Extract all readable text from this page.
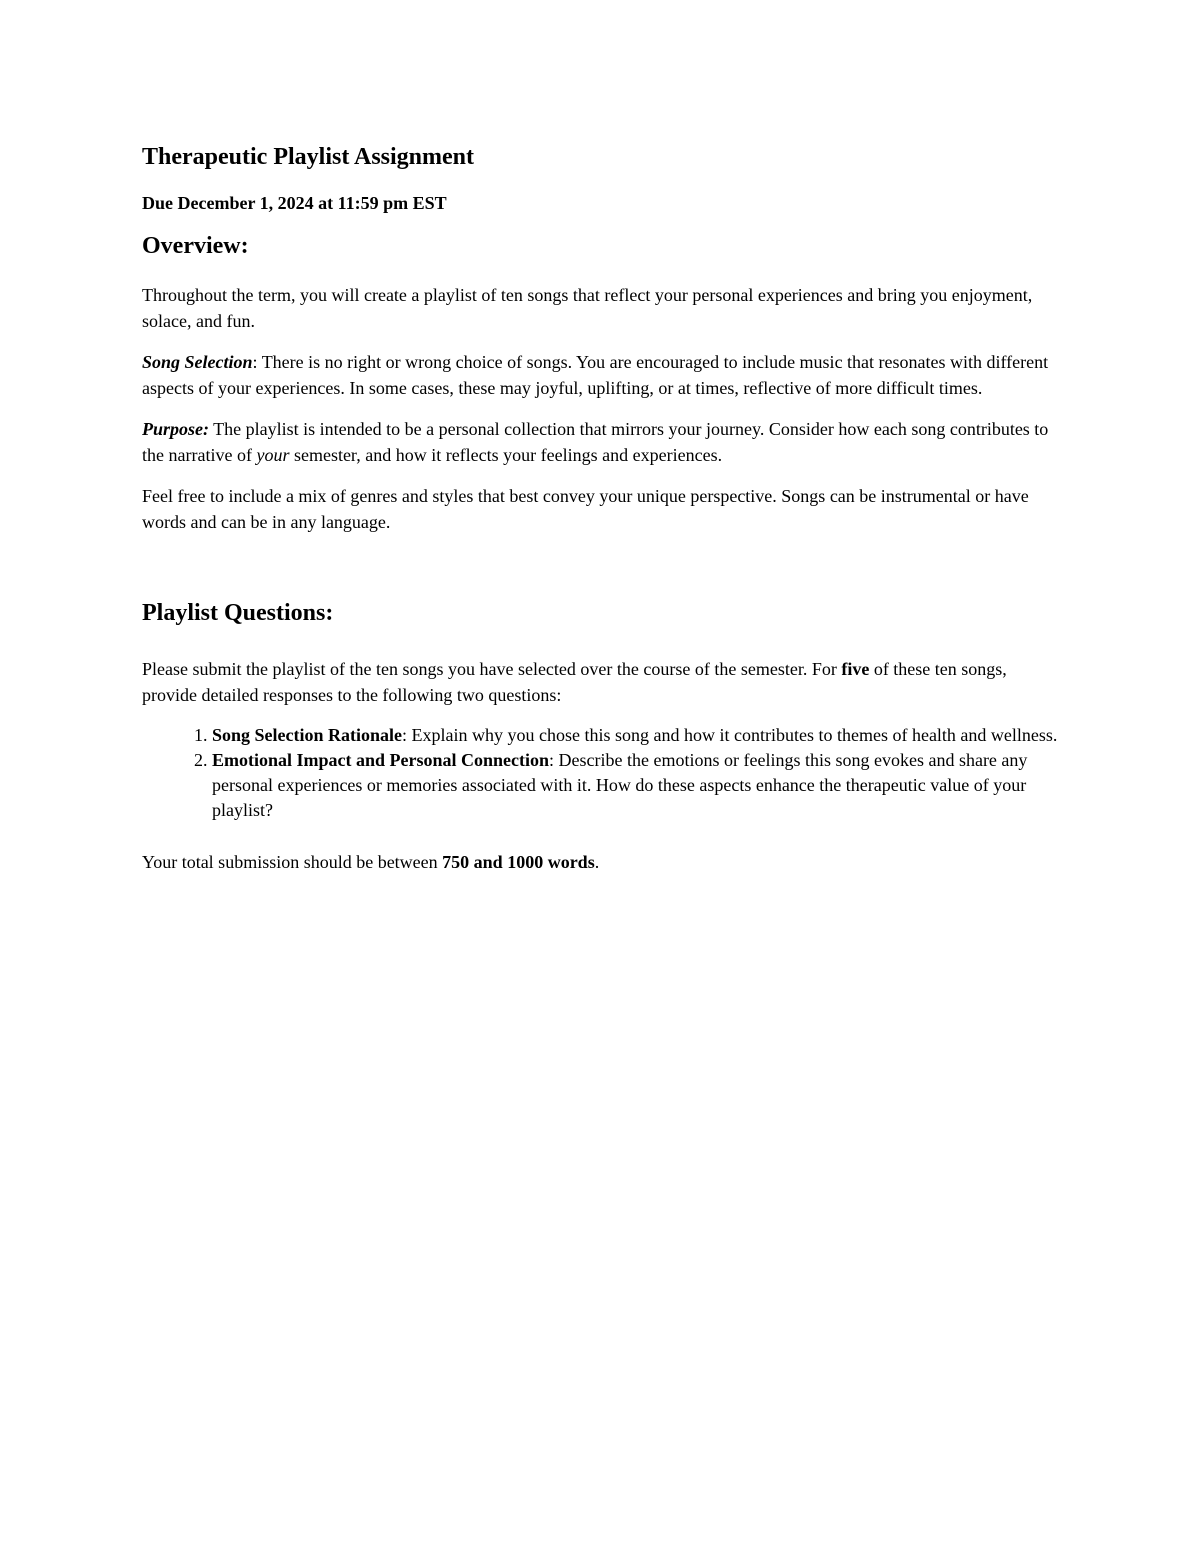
Therapeutic Playlist Assignment
Due December 1, 2024 at 11:59 pm EST
Overview:

Throughout the term, you will create a playlist of ten songs that reflect your personal experiences and bring you enjoyment, solace, and fun.

Song Selection: There is no right or wrong choice of songs. You are encouraged to include music that resonates with different aspects of your experiences. In some cases, these may joyful, uplifting, or at times, reflective of more difficult times.

Purpose: The playlist is intended to be a personal collection that mirrors your journey. Consider how each song contributes to the narrative of your semester, and how it reflects your feelings and experiences.

Feel free to include a mix of genres and styles that best convey your unique perspective. Songs can be instrumental or have words and can be in any language.

Playlist Questions:

Please submit the playlist of the ten songs you have selected over the course of the semester. For five of these ten songs, provide detailed responses to the following two questions:

1. Song Selection Rationale: Explain why you chose this song and how it contributes to themes of health and wellness.
2. Emotional Impact and Personal Connection: Describe the emotions or feelings this song evokes and share any personal experiences or memories associated with it. How do these aspects enhance the therapeutic value of your playlist?

Your total submission should be between 750 and 1000 words.
